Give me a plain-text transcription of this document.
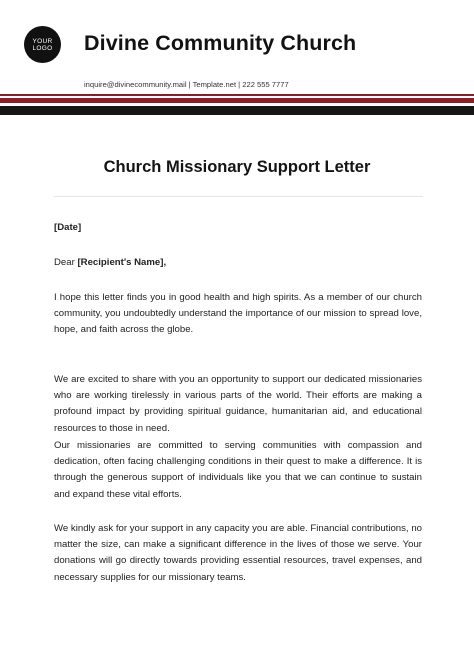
YOUR
LOGO Divine Community Church
inquire@divinecommunity.mail | Template.net | 222 555 7777
Church Missionary Support Letter
[Date]
Dear [Recipient's Name],

I hope this letter finds you in good health and high spirits. As a member of our church community, you undoubtedly understand the importance of our mission to spread love, hope, and faith across the globe.

We are excited to share with you an opportunity to support our dedicated missionaries who are working tirelessly in various parts of the world. Their efforts are making a profound impact by providing spiritual guidance, humanitarian aid, and educational resources to those in need.

Our missionaries are committed to serving communities with compassion and dedication, often facing challenging conditions in their quest to make a difference. It is through the generous support of individuals like you that we can continue to sustain and expand these vital efforts.

We kindly ask for your support in any capacity you are able. Financial contributions, no matter the size, can make a significant difference in the lives of those we serve. Your donations will go directly towards providing essential resources, travel expenses, and necessary supplies for our missionary teams.
